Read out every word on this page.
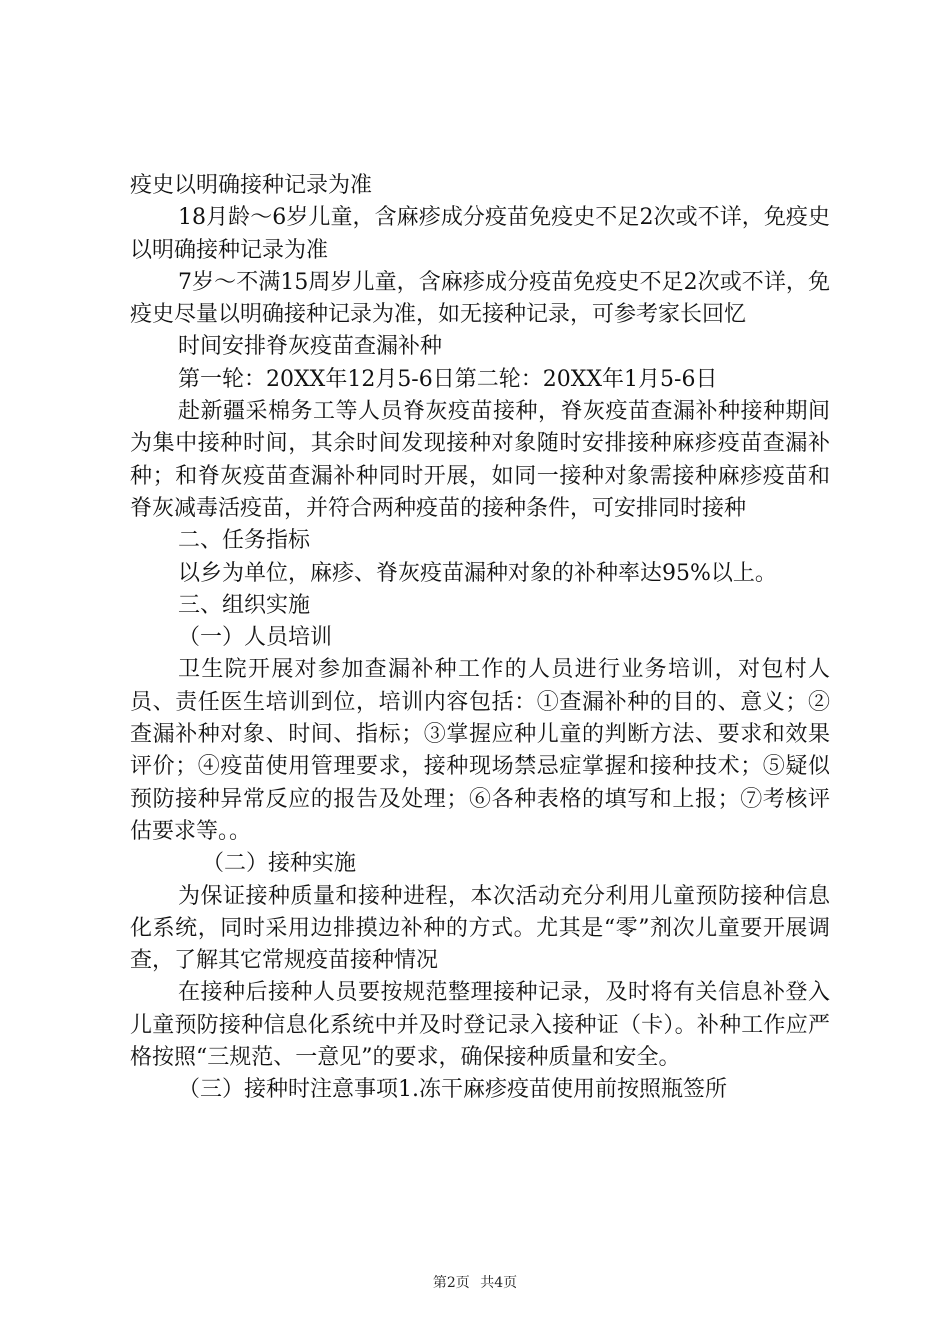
疫史以明确接种记录为准

18月龄～6岁儿童，含麻疹成分疫苗免疫史不足2次或不详，免疫史以明确接种记录为准

7岁～不满15周岁儿童，含麻疹成分疫苗免疫史不足2次或不详，免疫史尽量以明确接种记录为准，如无接种记录，可参考家长回忆

时间安排脊灰疫苗查漏补种

第一轮：20XX年12月5-6日第二轮：20XX年1月5-6日

赴新疆采棉务工等人员脊灰疫苗接种，脊灰疫苗查漏补种接种期间为集中接种时间，其余时间发现接种对象随时安排接种麻疹疫苗查漏补种；和脊灰疫苗查漏补种同时开展，如同一接种对象需接种麻疹疫苗和脊灰减毒活疫苗，并符合两种疫苗的接种条件，可安排同时接种

二、任务指标

以乡为单位，麻疹、脊灰疫苗漏种对象的补种率达95%以上。

三、组织实施

（一）人员培训

卫生院开展对参加查漏补种工作的人员进行业务培训，对包村人员、责任医生培训到位，培训内容包括：①查漏补种的目的、意义；②查漏补种对象、时间、指标；③掌握应种儿童的判断方法、要求和效果评价；④疫苗使用管理要求，接种现场禁忌症掌握和接种技术；⑤疑似预防接种异常反应的报告及处理；⑥各种表格的填写和上报；⑦考核评估要求等。。

（二）接种实施

为保证接种质量和接种进程，本次活动充分利用儿童预防接种信息化系统，同时采用边排摸边补种的方式。尤其是“零”剂次儿童要开展调查，了解其它常规疫苗接种情况

在接种后接种人员要按规范整理接种记录，及时将有关信息补登入儿童预防接种信息化系统中并及时登记录入接种证（卡）。补种工作应严格按照“三规范、一意见”的要求，确保接种质量和安全。

（三）接种时注意事项1.冻干麻疹疫苗使用前按照瓶签所

第2页 共4页
